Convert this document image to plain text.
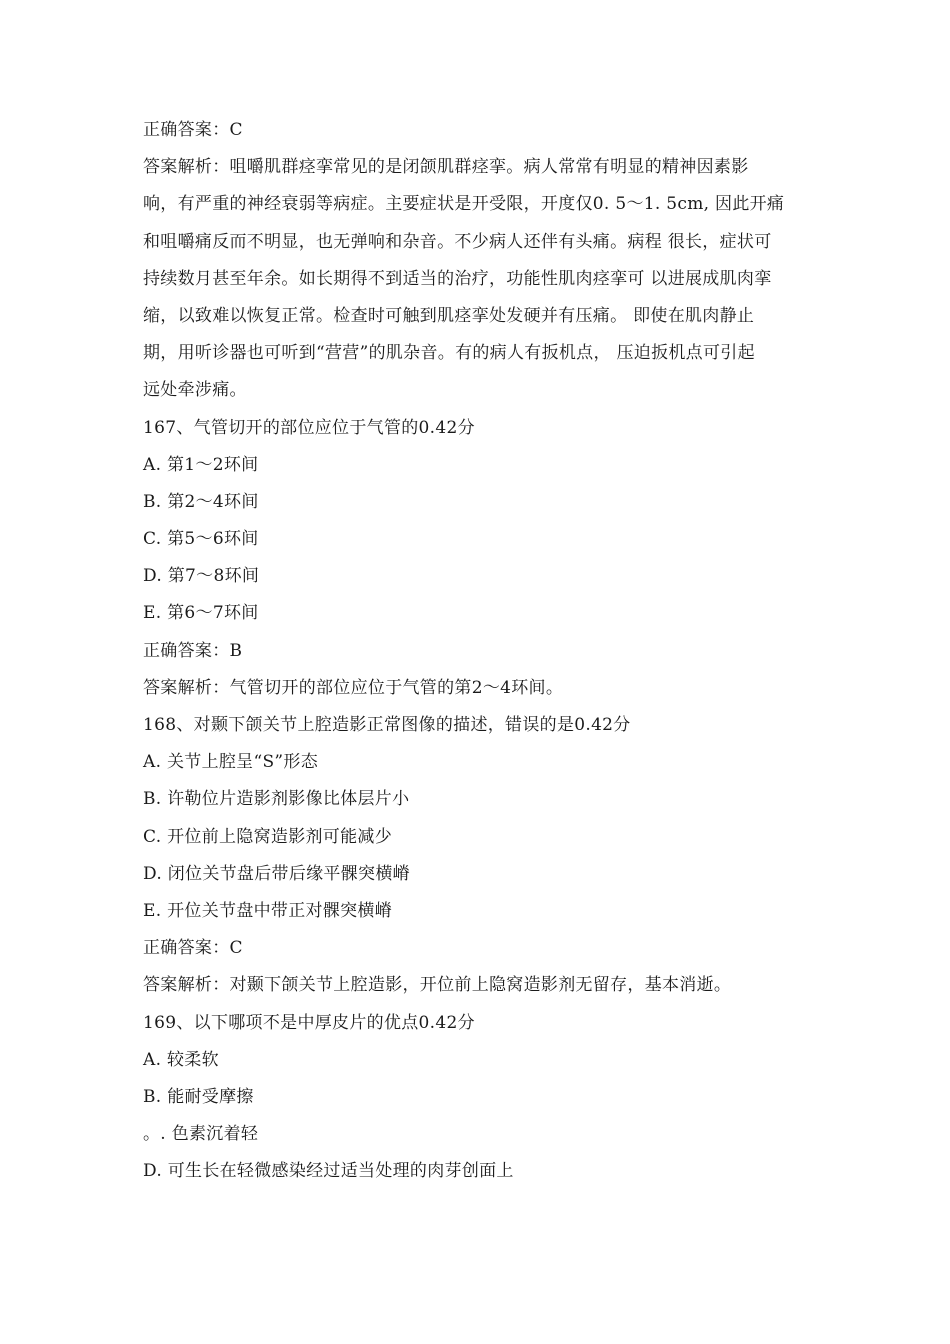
正确答案：C
答案解析：咀嚼肌群痉挛常见的是闭颌肌群痉挛。病人常常有明显的精神因素影
响，有严重的神经衰弱等病症。主要症状是开受限，开度仅0. 5〜1. 5cm, 因此开痛
和咀嚼痛反而不明显，也无弹响和杂音。不少病人还伴有头痛。病程 很长，症状可
持续数月甚至年余。如长期得不到适当的治疗，功能性肌肉痉挛可 以进展成肌肉挛
缩，以致难以恢复正常。检查时可触到肌痉挛处发硬并有压痛。 即使在肌肉静止
期，用听诊器也可听到“营营”的肌杂音。有的病人有扳机点， 压迫扳机点可引起
远处牵涉痛。
167、气管切开的部位应位于气管的0.42分
A. 第1〜2环间
B. 第2〜4环间
C. 第5〜6环间
D. 第7〜8环间
E. 第6〜7环间
正确答案：B
答案解析：气管切开的部位应位于气管的第2〜4环间。
168、对颞下颌关节上腔造影正常图像的描述，错误的是0.42分
A. 关节上腔呈“S”形态
B. 许勒位片造影剂影像比体层片小
C. 开位前上隐窝造影剂可能减少
D. 闭位关节盘后带后缘平髁突横嵴
E. 开位关节盘中带正对髁突横嵴
正确答案：C
答案解析：对颞下颌关节上腔造影，开位前上隐窝造影剂无留存，基本消逝。
169、以下哪项不是中厚皮片的优点0.42分
A. 较柔软
B. 能耐受摩擦
。. 色素沉着轻
D. 可生长在轻微感染经过适当处理的肉芽创面上
